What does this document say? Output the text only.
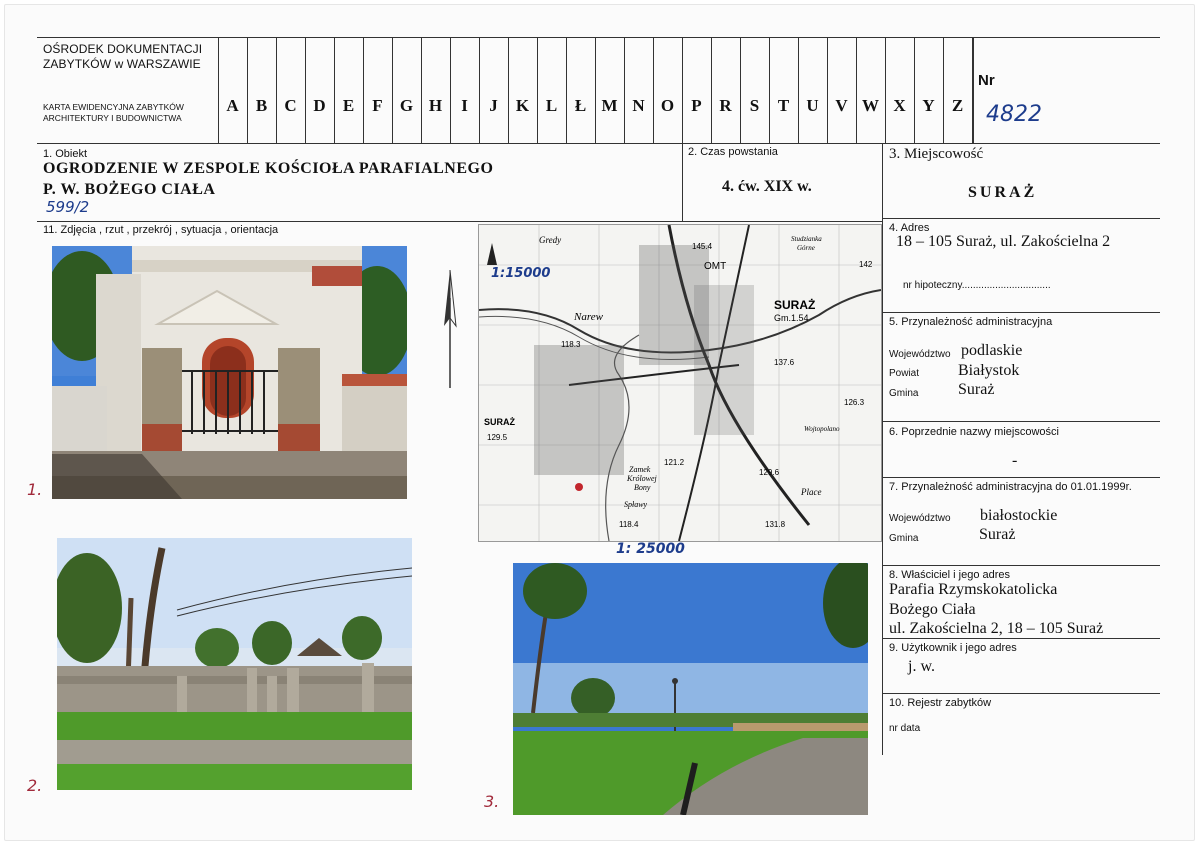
OŚRODEK DOKUMENTACJI
ZABYTKÓW w WARSZAWIE
KARTA EWIDENCYJNA ZABYTKÓW
ARCHITEKTURY I BUDOWNICTWA
A	B	C D	E	F	G H	I	J	K L	Ł M N O	P	R	S	T	U V W X Y	Z
Nr
4822
1. Obiekt
OGRODZENIE W ZESPOLE KOŚCIOŁA PARAFIALNEGO
P. W. BOŻEGO CIAŁA
599/2
2. Czas powstania
4. ćw. XIX w.
3. Miejscowość
SURAŻ
11. Zdjęcia , rzut , przekrój , sytuacja , orientacja
1.
2.
Gredy
1:15000
Narew
SURAŻ
Gm.1.54
SURAŻ
Zamek
Królowej
Bony
Spławy
Place
Wojtopolano
OMT
Studzianka
Górne
145.4
142
137.6
126.3
118.3
129.5
121.2
129.6
131.8
118.4
1: 25000
3.
4. Adres
18 – 105 Suraż, ul. Zakościelna 2
nr hipoteczny................................
5. Przynależność administracyjna
Województwo podlaskie
Powiat Białystok
Gmina Suraż
6. Poprzednie nazwy miejscowości
-
7. Przynależność administracyjna do 01.01.1999r.
Województwo białostockie
Gmina	Suraż
8. Właściciel i jego adres
Parafia Rzymskokatolicka
Bożego Ciała
ul. Zakościelna 2, 18 – 105 Suraż
9. Użytkownik i jego adres
j. w.
10. Rejestr zabytków
nr data
